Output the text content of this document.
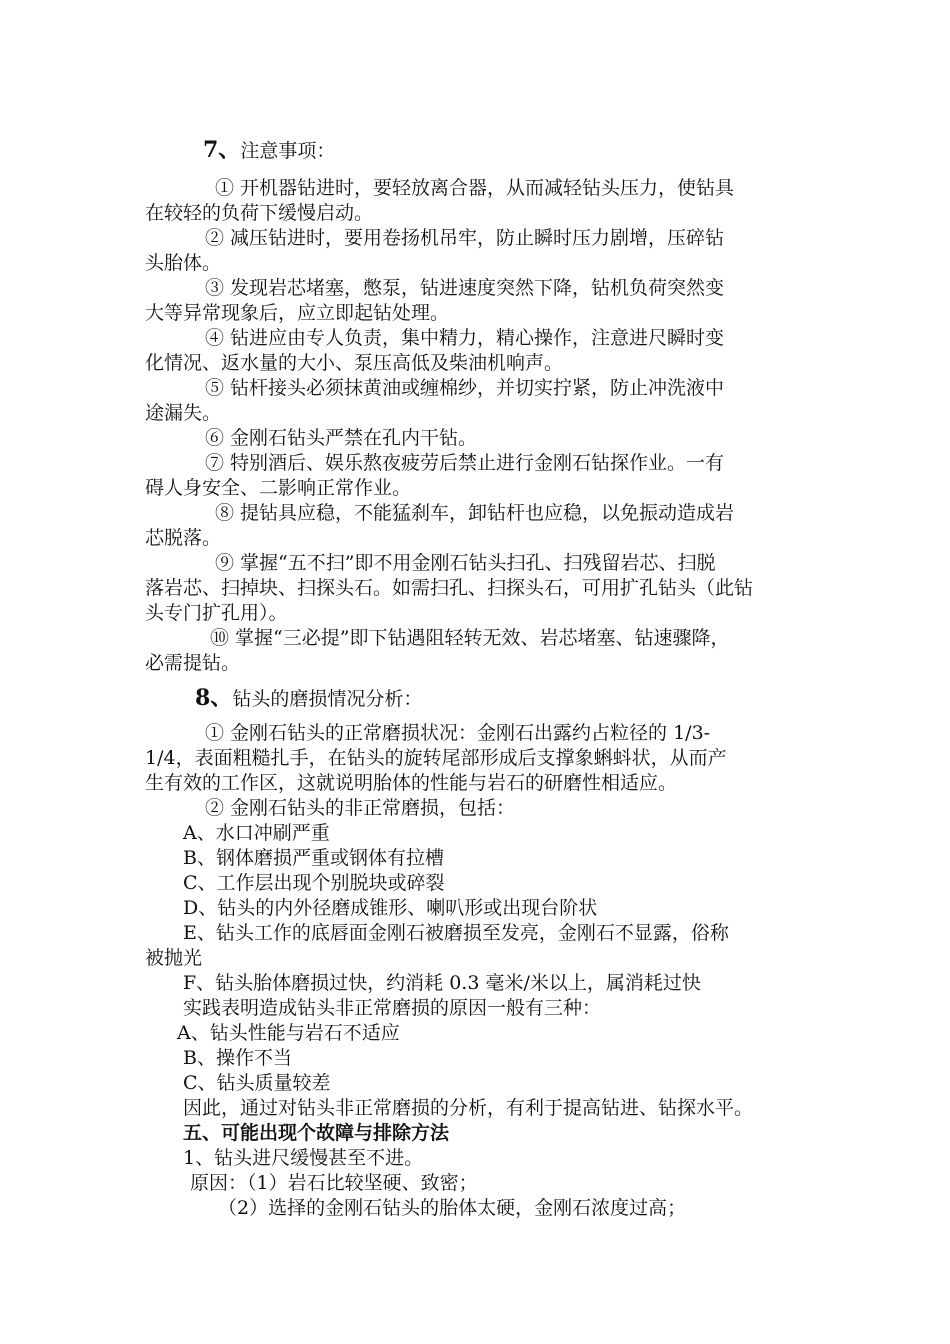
7、注意事项：
① 开机器钻进时，要轻放离合器，从而减轻钻头压力，使钻具
在较轻的负荷下缓慢启动。
② 减压钻进时，要用卷扬机吊牢，防止瞬时压力剧增，压碎钻
头胎体。
③ 发现岩芯堵塞，憋泵，钻进速度突然下降，钻机负荷突然变
大等异常现象后，应立即起钻处理。
④ 钻进应由专人负责，集中精力，精心操作，注意进尺瞬时变
化情况、返水量的大小、泵压高低及柴油机响声。
⑤ 钻杆接头必须抹黄油或缠棉纱，并切实拧紧，防止冲洗液中
途漏失。
⑥ 金刚石钻头严禁在孔内干钻。
⑦ 特别酒后、娱乐熬夜疲劳后禁止进行金刚石钻探作业。一有
碍人身安全、二影响正常作业。
⑧ 提钻具应稳，不能猛刹车，卸钻杆也应稳，以免振动造成岩
芯脱落。
⑨ 掌握“五不扫”即不用金刚石钻头扫孔、扫残留岩芯、扫脱
落岩芯、扫掉块、扫探头石。如需扫孔、扫探头石，可用扩孔钻头（此钻
头专门扩孔用）。
⑩ 掌握“三必提”即下钻遇阻轻转无效、岩芯堵塞、钻速骤降，
必需提钻。
8、钻头的磨损情况分析：
① 金刚石钻头的正常磨损状况：金刚石出露约占粒径的 1/3-
1/4，表面粗糙扎手，在钻头的旋转尾部形成后支撑象蝌蚪状，从而产
生有效的工作区，这就说明胎体的性能与岩石的研磨性相适应。
② 金刚石钻头的非正常磨损，包括：
A、水口冲刷严重
B、钢体磨损严重或钢体有拉槽
C、工作层出现个别脱块或碎裂
D、钻头的内外径磨成锥形、喇叭形或出现台阶状
E、钻头工作的底唇面金刚石被磨损至发亮，金刚石不显露，俗称
被抛光
F、钻头胎体磨损过快，约消耗 0.3 毫米/米以上，属消耗过快
实践表明造成钻头非正常磨损的原因一般有三种：
A、钻头性能与岩石不适应
B、操作不当
C、钻头质量较差
因此，通过对钻头非正常磨损的分析，有利于提高钻进、钻探水平。
五、可能出现个故障与排除方法
1、钻头进尺缓慢甚至不进。
原因：（1）岩石比较坚硬、致密；
（2）选择的金刚石钻头的胎体太硬，金刚石浓度过高；
